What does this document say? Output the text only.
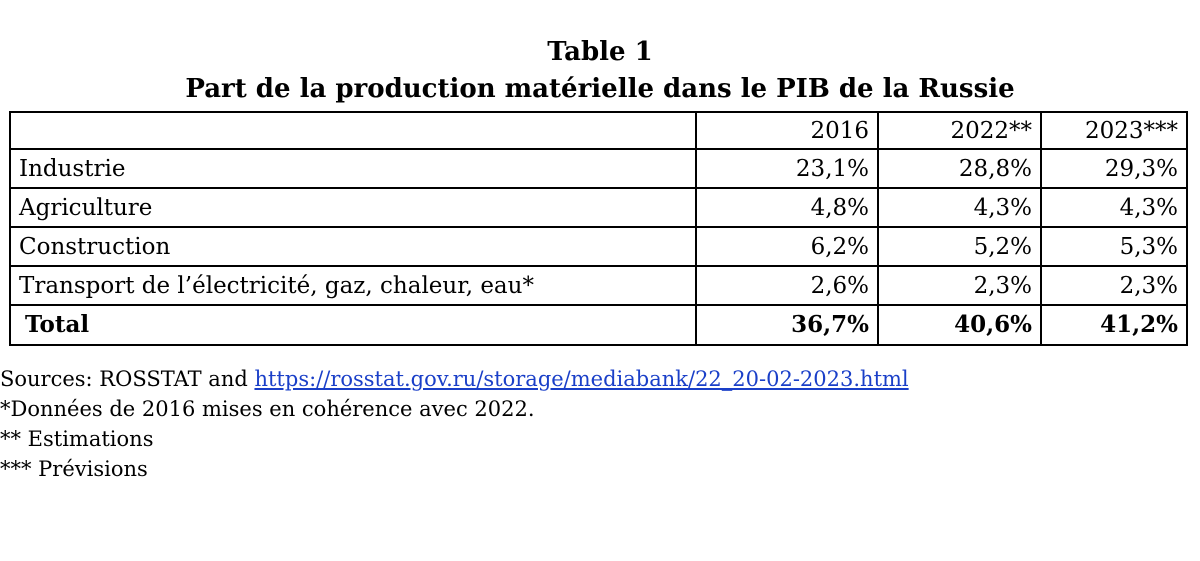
Table 1
Part de la production matérielle dans le PIB de la Russie
	2016	2022**	2023***
Industrie	23,1%	28,8%	29,3%
Agriculture	4,8%	4,3%	4,3%
Construction	6,2%	5,2%	5,3%
Transport de l’électricité, gaz, chaleur, eau*	2,6%	2,3%	2,3%
Total	36,7%	40,6%	41,2%
Sources: ROSSTAT and https://rosstat.gov.ru/storage/mediabank/22_20-02-2023.html
*Données de 2016 mises en cohérence avec 2022.
** Estimations
*** Prévisions
